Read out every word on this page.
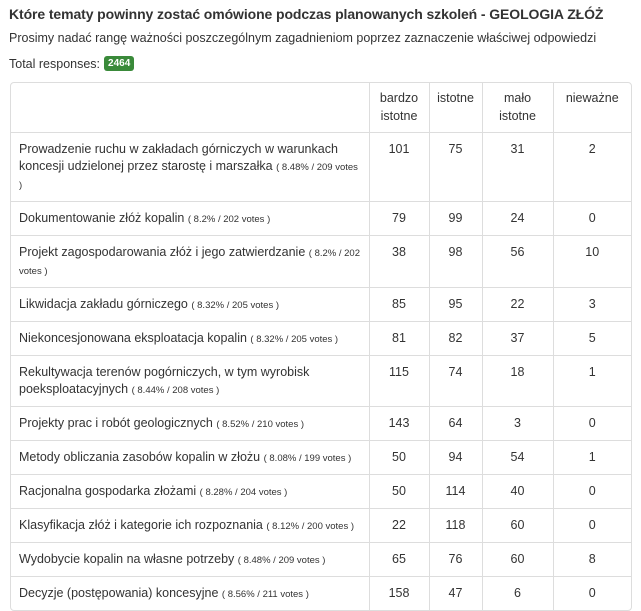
Które tematy powinny zostać omówione podczas planowanych szkoleń - GEOLOGIA ZŁÓŻ
Prosimy nadać rangę ważności poszczególnym zagadnieniom poprzez zaznaczenie właściwej odpowiedzi
Total responses: 2464
	bardzo istotne	istotne	mało istotne	nieważne
Prowadzenie ruchu w zakładach górniczych w warunkach koncesji udzielonej przez starostę i marszałka ( 8.48% / 209 votes )	101	75	31	2
Dokumentowanie złóż kopalin ( 8.2% / 202 votes )	79	99	24	0
Projekt zagospodarowania złóż i jego zatwierdzanie ( 8.2% / 202 votes )	38	98	56	10
Likwidacja zakładu górniczego ( 8.32% / 205 votes )	85	95	22	3
Niekoncesjonowana eksploatacja kopalin ( 8.32% / 205 votes )	81	82	37	5
Rekultywacja terenów pogórniczych, w tym wyrobisk poeksploatacyjnych ( 8.44% / 208 votes )	115	74	18	1
Projekty prac i robót geologicznych ( 8.52% / 210 votes )	143	64	3	0
Metody obliczania zasobów kopalin w złożu ( 8.08% / 199 votes )	50	94	54	1
Racjonalna gospodarka złożami ( 8.28% / 204 votes )	50	114	40	0
Klasyfikacja złóż i kategorie ich rozpoznania ( 8.12% / 200 votes )	22	118	60	0
Wydobycie kopalin na własne potrzeby ( 8.48% / 209 votes )	65	76	60	8
Decyzje (postępowania) koncesyjne ( 8.56% / 211 votes )	158	47	6	0
